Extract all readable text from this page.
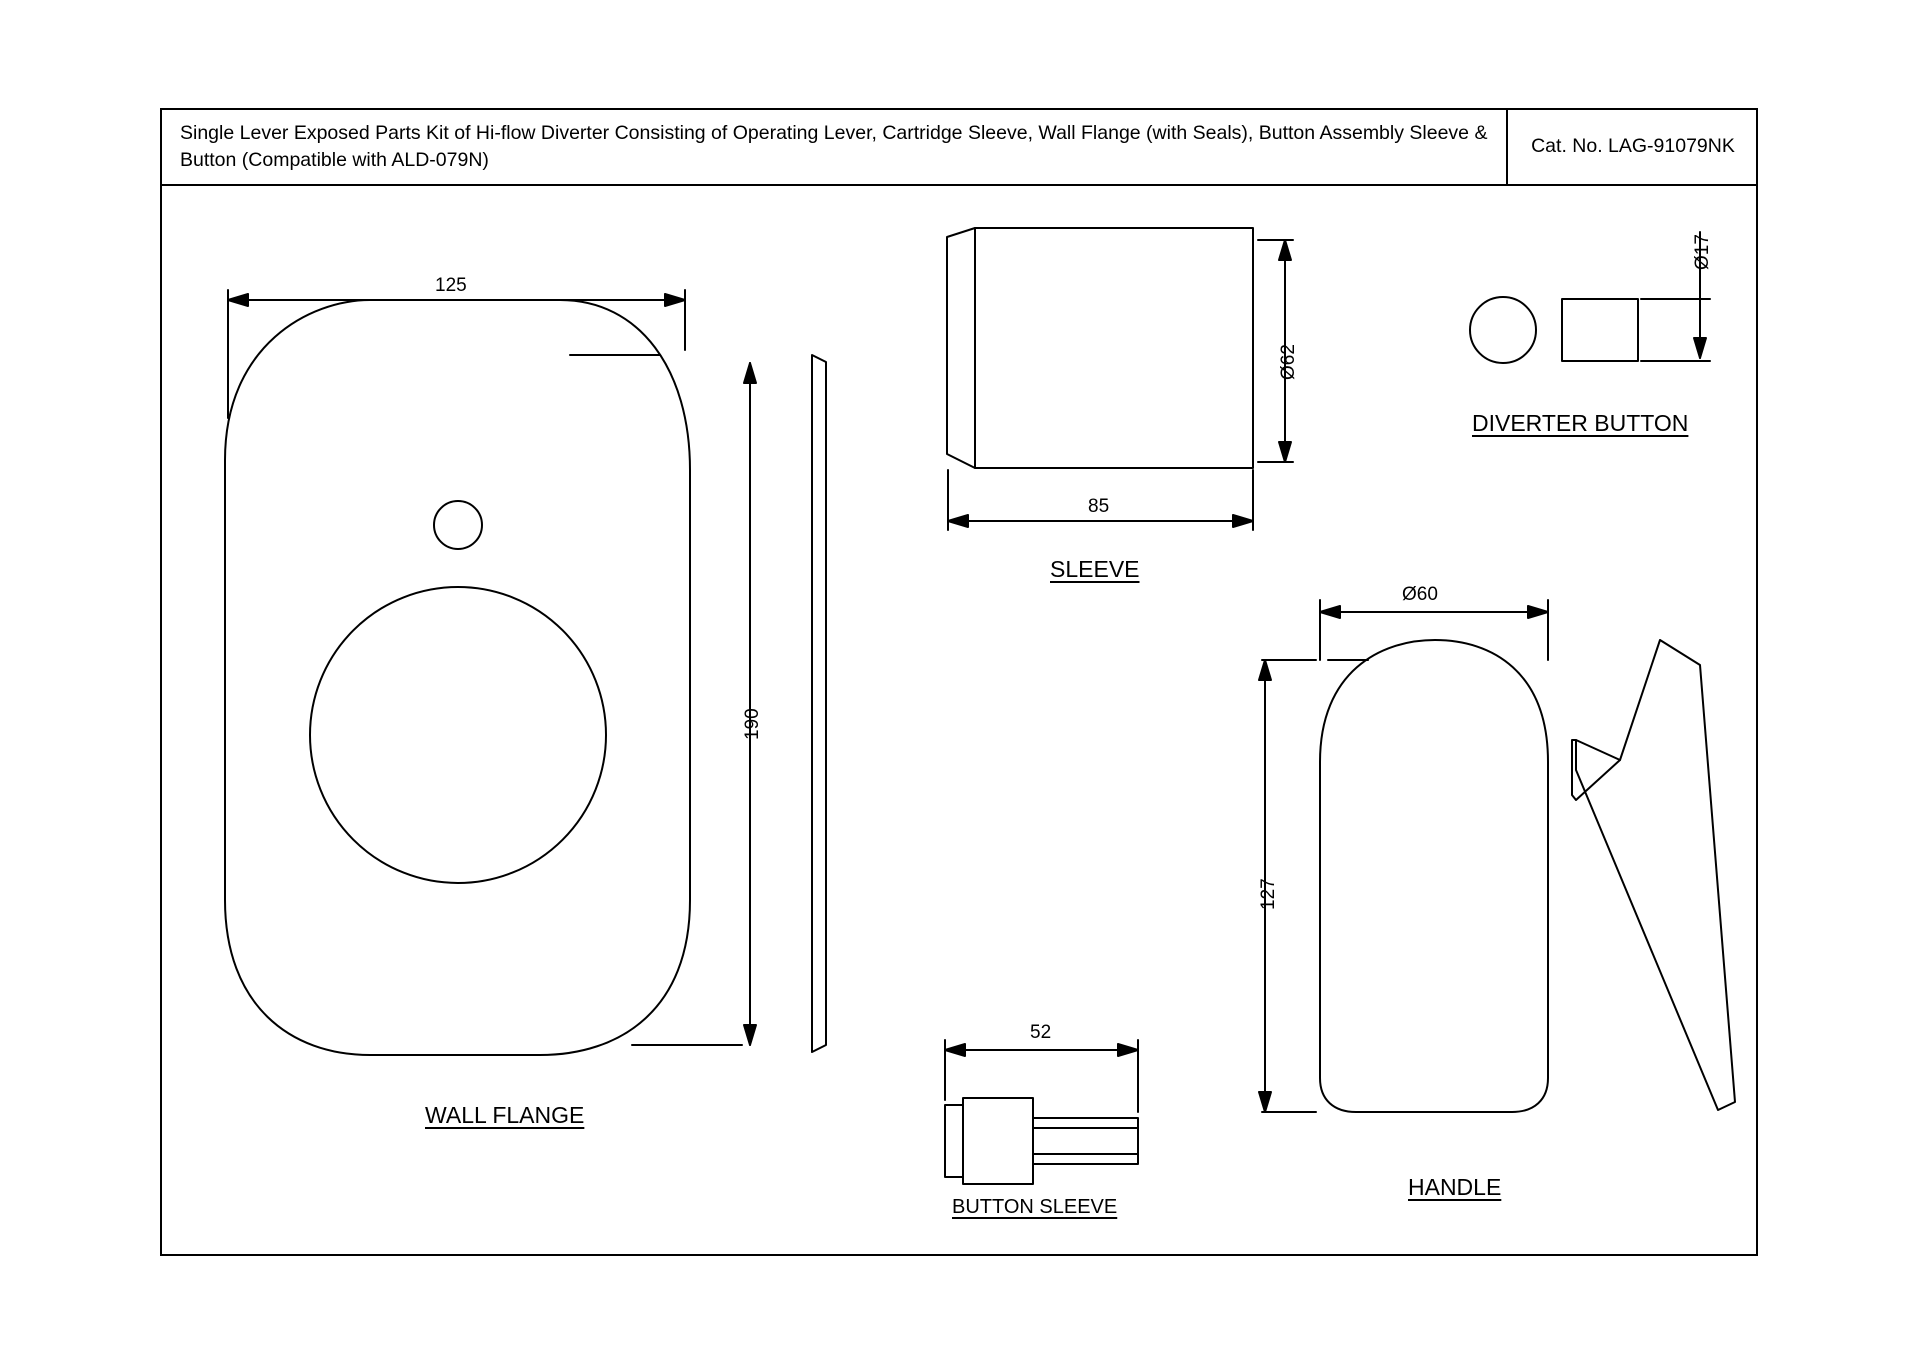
Single Lever Exposed Parts Kit of Hi-flow Diverter Consisting of Operating Lever, Cartridge Sleeve, Wall Flange (with Seals), Button Assembly Sleeve & Button (Compatible with ALD-079N)
Cat. No. LAG-91079NK
125
190
Ø62
85
Ø17
52
Ø60
127
WALL FLANGE
SLEEVE
DIVERTER BUTTON
BUTTON SLEEVE
HANDLE
